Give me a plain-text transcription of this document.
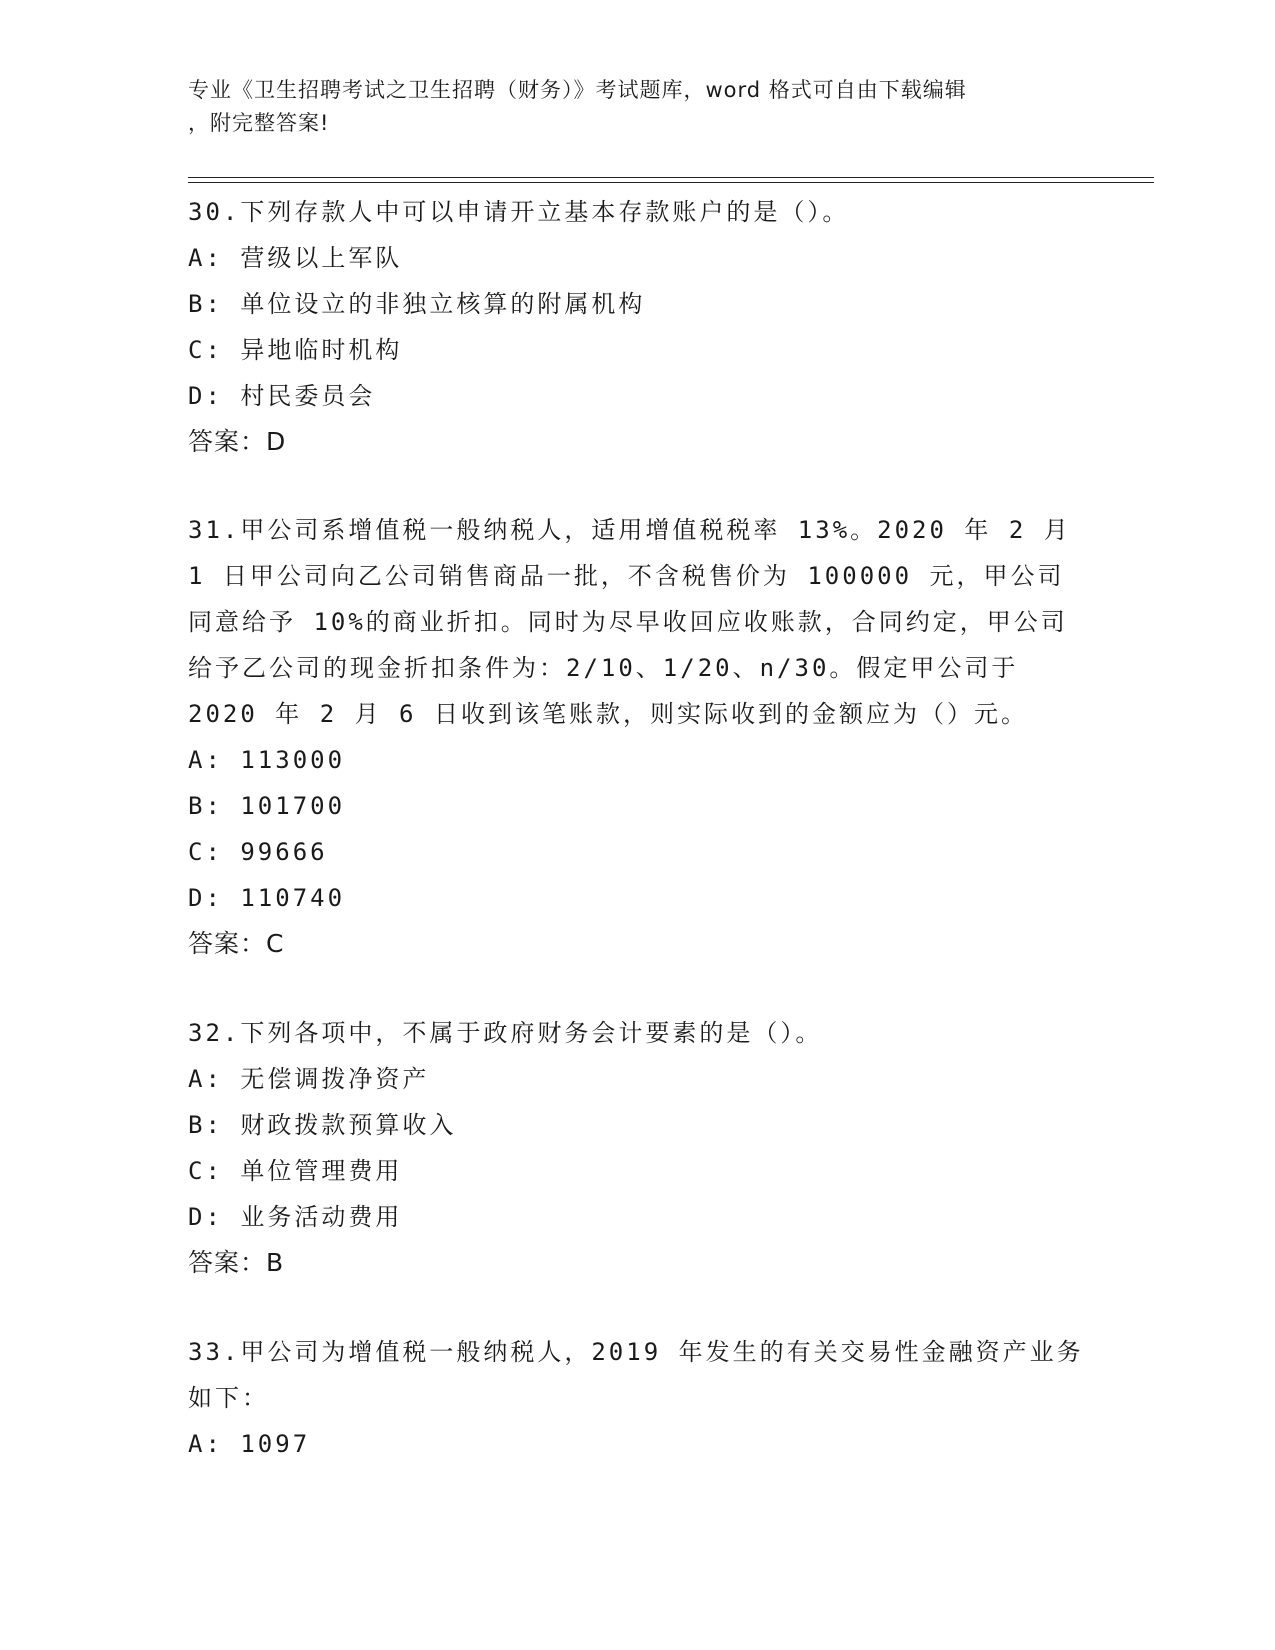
专业《卫生招聘考试之卫生招聘（财务）》考试题库，word 格式可自由下载编辑
，附完整答案!
30.下列存款人中可以申请开立基本存款账户的是（）。
A: 营级以上军队
B: 单位设立的非独立核算的附属机构
C: 异地临时机构
D: 村民委员会
答案：D
31.甲公司系增值税一般纳税人，适用增值税税率 13%。2020 年 2 月 1 日甲公司向乙公司销售商品一批，不含税售价为 100000 元，甲公司同意给予 10%的商业折扣。同时为尽早收回应收账款，合同约定，甲公司给予乙公司的现金折扣条件为：2/10、1/20、n/30。假定甲公司于 2020 年 2 月 6 日收到该笔账款，则实际收到的金额应为（）元。
A: 113000
B: 101700
C: 99666
D: 110740
答案：C
32.下列各项中，不属于政府财务会计要素的是（）。
A: 无偿调拨净资产
B: 财政拨款预算收入
C: 单位管理费用
D: 业务活动费用
答案：B
33.甲公司为增值税一般纳税人，2019 年发生的有关交易性金融资产业务如下：
A: 1097
